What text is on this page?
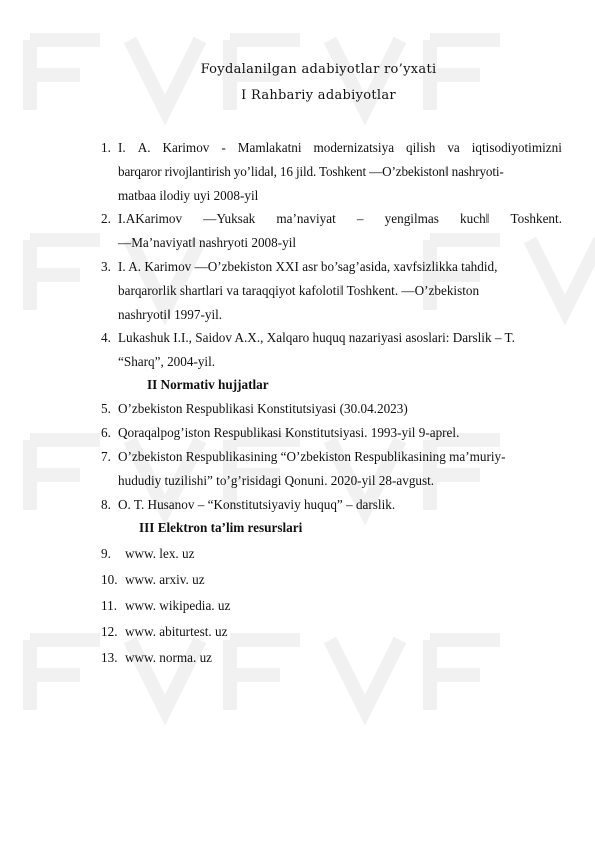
Foydalanilgan adabiyotlar ro’yxati
I Rahbariy adabiyotlar
1. I. A. Karimov - Mamlakatni modernizatsiya qilish va iqtisodiyotimizni
barqaror rivojlantirish yo’lida‖, 16 jild. Toshkent ―O’zbekiston‖ nashryoti-
matbaa ilodiy uyi 2008-yil
2. I.AKarimov ―Yuksak ma’naviyat – yengilmas kuch‖ Toshkent.
―Ma’naviyat‖ nashryoti 2008-yil
3. I. A. Karimov ―O’zbekiston XXI asr bo’sag’asida, xavfsizlikka tahdid,
barqarorlik shartlari va taraqqiyot kafoloti‖ Toshkent. ―O’zbekiston
nashryoti‖ 1997-yil.
4. Lukashuk I.I., Saidov A.X., Xalqaro huquq nazariyasi asoslari: Darslik – T.
“Sharq”, 2004-yil.
II Normativ hujjatlar
5. O’zbekiston Respublikasi Konstitutsiyasi (30.04.2023)
6. Qoraqalpog’iston Respublikasi Konstitutsiyasi. 1993-yil 9-aprel.
7. O’zbekiston Respublikasining “O’zbekiston Respublikasining ma’muriy-
hududiy tuzilishi” to’g’risidagi Qonuni. 2020-yil 28-avgust.
8. O. T. Husanov – “Konstitutsiyaviy huquq” – darslik.
III Elektron ta’lim resurslari
9. www. lex. uz
10. www. arxiv. uz
11. www. wikipedia. uz
12. www. abiturtest. uz
13. www. norma. uz
